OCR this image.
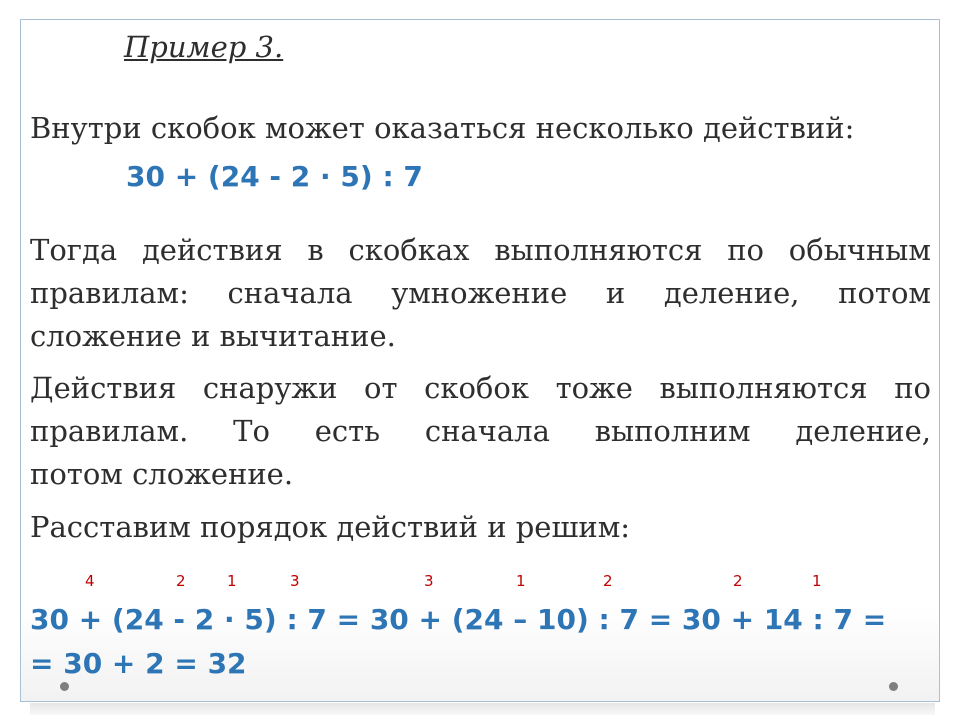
Пример 3.
Внутри скобок может оказаться несколько действий:
30 + (24 - 2 · 5) : 7
Тогда действия в скобках выполняются по обычным
правилам: сначала умножение и деление, потом
сложение и вычитание.
Действия снаружи от скобок тоже выполняются по
правилам. То есть сначала выполним деление,
потом сложение.
Расставим порядок действий и решим:
4	2	1	3	3	1	2	2	1
30 + (24 - 2 · 5) : 7 = 30 + (24 – 10) : 7 = 30 + 14 : 7 =
= 30 + 2 = 32
